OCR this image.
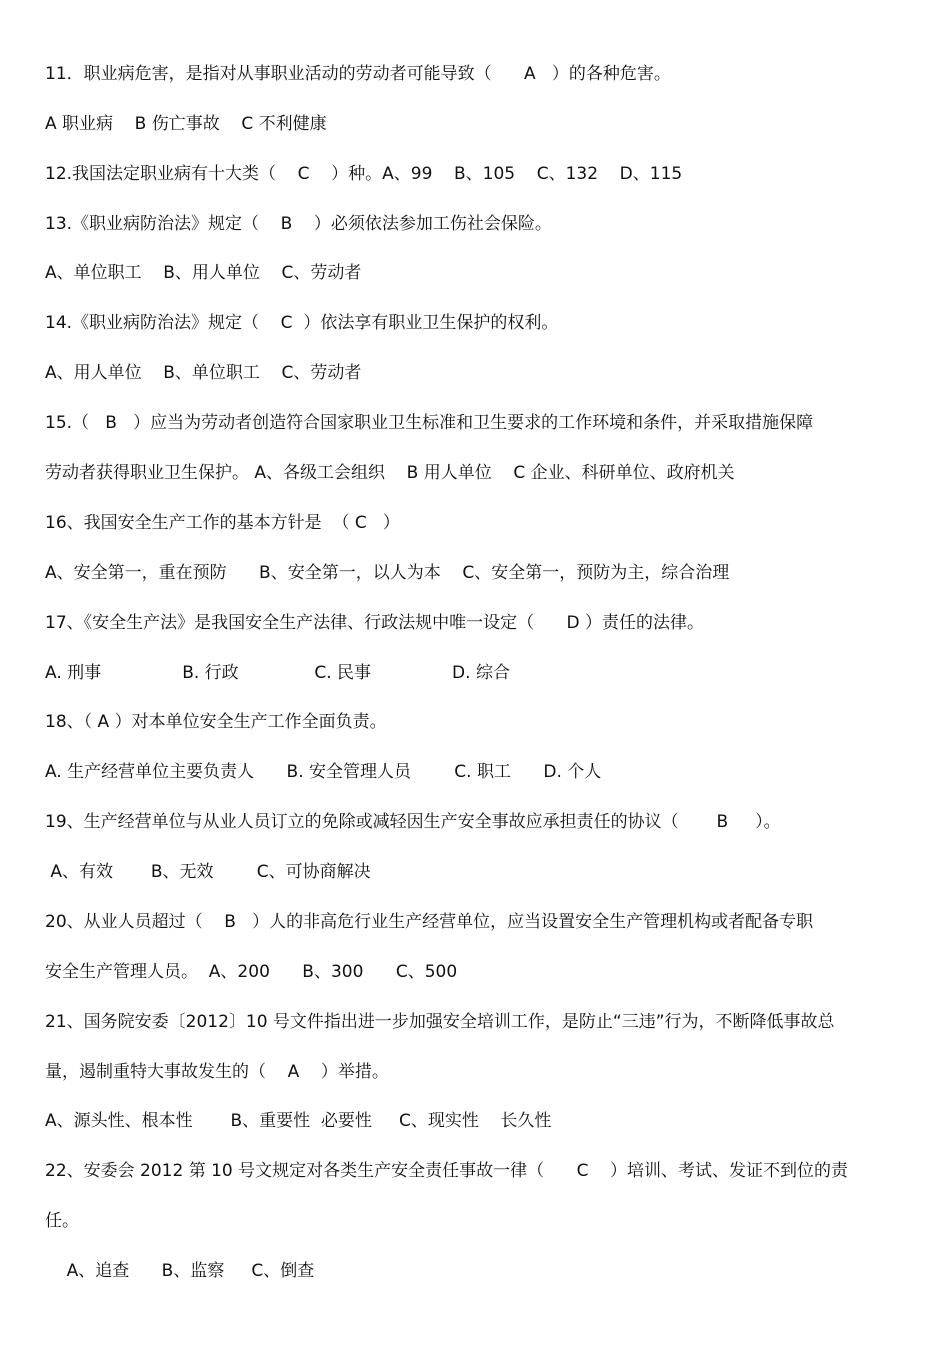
11．职业病危害，是指对从事职业活动的劳动者可能导致（      A   ）的各种危害。
A 职业病    B 伤亡事故    C 不利健康
12.我国法定职业病有十大类（    C    ）种。A、99    B、105    C、132    D、115
13.《职业病防治法》规定（    B    ）必须依法参加工伤社会保险。
A、单位职工    B、用人单位    C、劳动者
14.《职业病防治法》规定（    C  ）依法享有职业卫生保护的权利。
A、用人单位    B、单位职工    C、劳动者
15.（   B   ）应当为劳动者创造符合国家职业卫生标准和卫生要求的工作环境和条件，并采取措施保障
劳动者获得职业卫生保护。 A、各级工会组织    B 用人单位    C 企业、科研单位、政府机关
16、我国安全生产工作的基本方针是  （ C   ）
A、安全第一，重在预防      B、安全第一，以人为本    C、安全第一，预防为主，综合治理
17、《安全生产法》是我国安全生产法律、行政法规中唯一设定（      D ）责任的法律。
A. 刑事               B. 行政              C. 民事               D. 综合
18、（ A ）对本单位安全生产工作全面负责。
A. 生产经营单位主要负责人      B. 安全管理人员        C. 职工      D. 个人
19、生产经营单位与从业人员订立的免除或减轻因生产安全事故应承担责任的协议（       B     ）。
A、有效       B、无效        C、可协商解决
20、从业人员超过（    B   ）人的非高危行业生产经营单位，应当设置安全生产管理机构或者配备专职
安全生产管理人员。  A、200      B、300      C、500
21、国务院安委〔2012〕10 号文件指出进一步加强安全培训工作，是防止“三违”行为，不断降低事故总
量，遏制重特大事故发生的（    A    ）举措。
A、源头性、根本性       B、重要性  必要性     C、现实性    长久性
22、安委会 2012 第 10 号文规定对各类生产安全责任事故一律（      C    ）培训、考试、发证不到位的责
任。
A、追查      B、监察     C、倒查
